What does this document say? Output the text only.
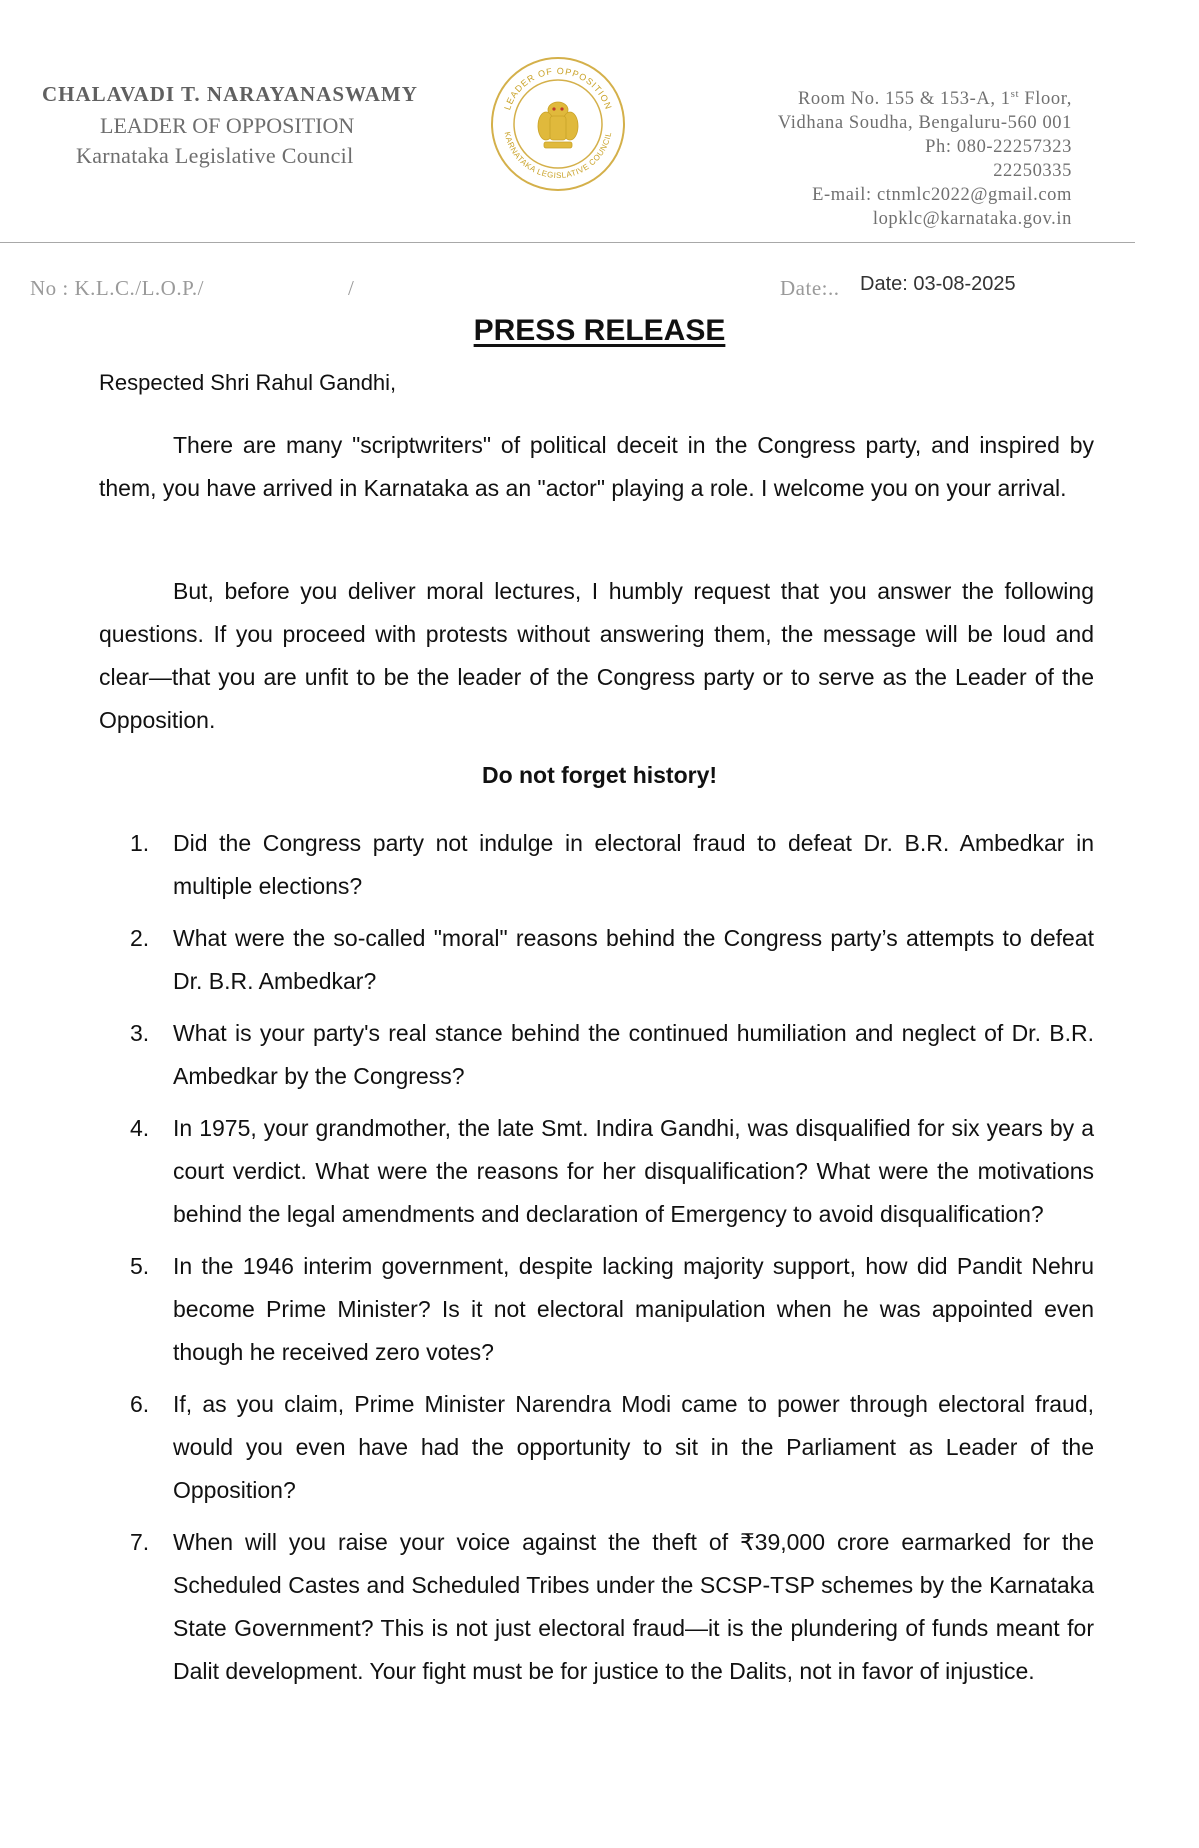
CHALAVADI T. NARAYANASWAMY
LEADER OF OPPOSITION
Karnataka Legislative Council
LEADER OF OPPOSITION
KARNATAKA LEGISLATIVE COUNCIL
Room No. 155 & 153-A, 1st Floor,
Vidhana Soudha, Bengaluru-560 001
Ph: 080-22257323
22250335
E-mail: ctnmlc2022@gmail.com
lopklc@karnataka.gov.in
No : K.L.C./L.O.P./	/	Date:.. Date: 03-08-2025
PRESS RELEASE
Respected Shri Rahul Gandhi,
There are many "scriptwriters" of political deceit in the Congress party, and inspired by them, you have arrived in Karnataka as an "actor" playing a role. I welcome you on your arrival.
But, before you deliver moral lectures, I humbly request that you answer the following questions. If you proceed with protests without answering them, the message will be loud and clear—that you are unfit to be the leader of the Congress party or to serve as the Leader of the Opposition.
Do not forget history!
1. Did the Congress party not indulge in electoral fraud to defeat Dr. B.R. Ambedkar in multiple elections?
2. What were the so-called "moral" reasons behind the Congress party’s attempts to defeat Dr. B.R. Ambedkar?
3. What is your party's real stance behind the continued humiliation and neglect of Dr. B.R. Ambedkar by the Congress?
4. In 1975, your grandmother, the late Smt. Indira Gandhi, was disqualified for six years by a court verdict. What were the reasons for her disqualification? What were the motivations behind the legal amendments and declaration of Emergency to avoid disqualification?
5. In the 1946 interim government, despite lacking majority support, how did Pandit Nehru become Prime Minister? Is it not electoral manipulation when he was appointed even though he received zero votes?
6. If, as you claim, Prime Minister Narendra Modi came to power through electoral fraud, would you even have had the opportunity to sit in the Parliament as Leader of the Opposition?
7. When will you raise your voice against the theft of ₹39,000 crore earmarked for the Scheduled Castes and Scheduled Tribes under the SCSP-TSP schemes by the Karnataka State Government? This is not just electoral fraud—it is the plundering of funds meant for Dalit development. Your fight must be for justice to the Dalits, not in favor of injustice.
